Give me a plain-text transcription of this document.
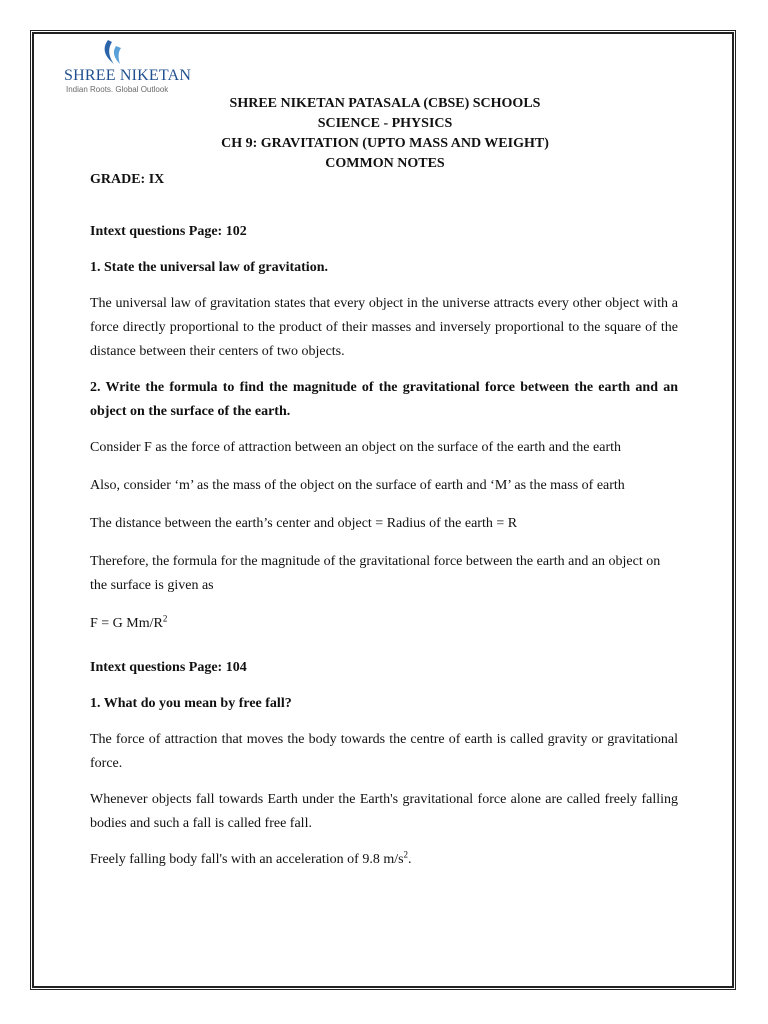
SHREE NIKETAN
Indian Roots. Global Outlook
SHREE NIKETAN PATASALA (CBSE) SCHOOLS
SCIENCE - PHYSICS
CH 9: GRAVITATION (UPTO MASS AND WEIGHT)
COMMON NOTES
GRADE: IX

Intext questions Page: 102

1. State the universal law of gravitation.

The universal law of gravitation states that every object in the universe attracts every other object with a force directly proportional to the product of their masses and inversely proportional to the square of the distance between their centers of two objects.

2. Write the formula to find the magnitude of the gravitational force between the earth and an object on the surface of the earth.

Consider F as the force of attraction between an object on the surface of the earth and the earth

Also, consider ‘m’ as the mass of the object on the surface of earth and ‘M’ as the mass of earth

The distance between the earth’s center and object = Radius of the earth = R

Therefore, the formula for the magnitude of the gravitational force between the earth and an object on the surface is given as

F = G $Mm/R^2$

Intext questions Page: 104

1. What do you mean by free fall?

The force of attraction that moves the body towards the centre of earth is called gravity or gravitational force.

Whenever objects fall towards Earth under the Earth's gravitational force alone are called freely falling bodies and such a fall is called free fall.

Freely falling body fall's with an acceleration of 9.8 $m/s^2$.
